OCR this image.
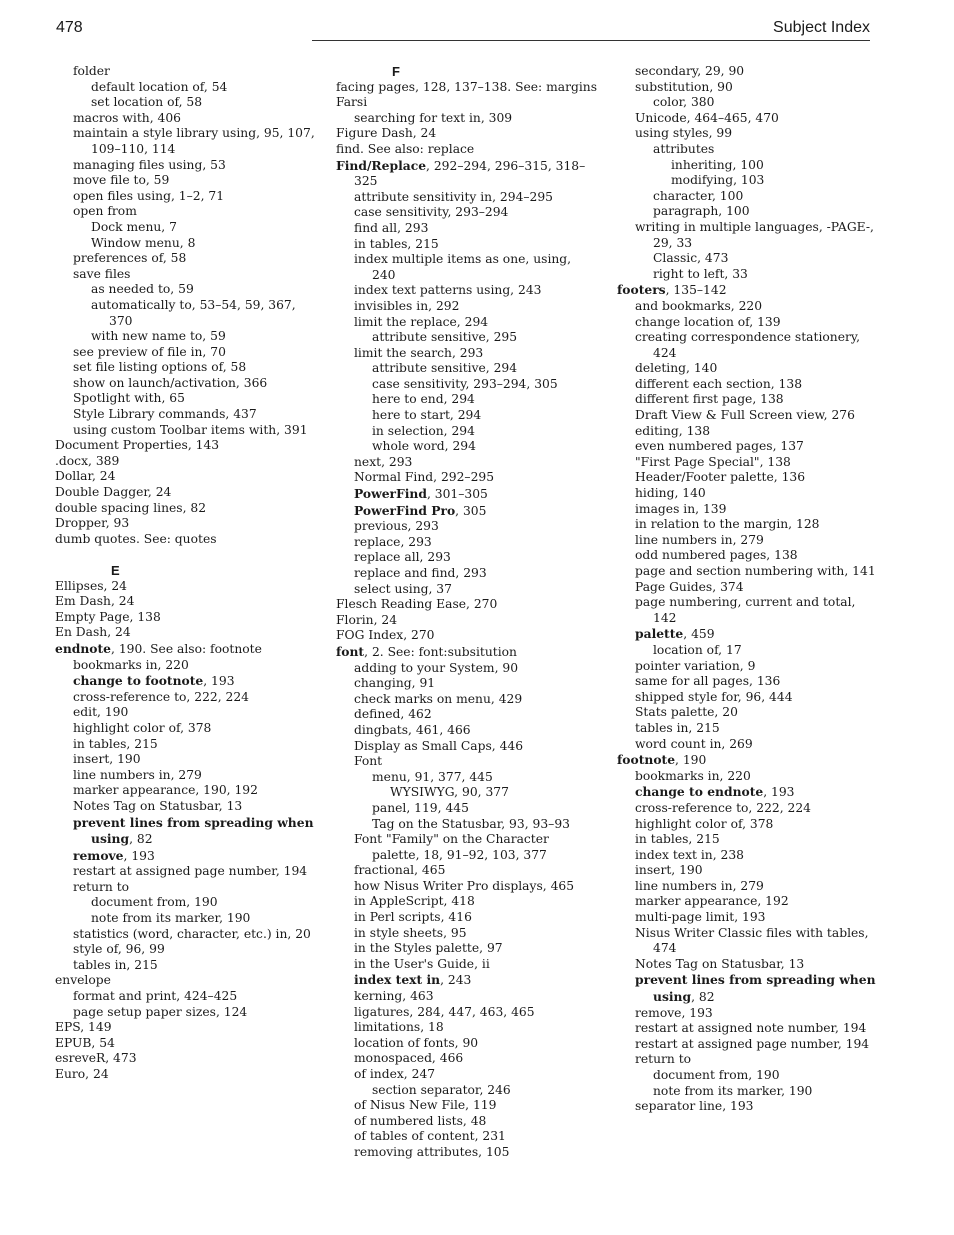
478	Subject Index
folder
default location of, 54
set location of, 58
macros with, 406
maintain a style library using, 95, 107, 109–110, 114
managing files using, 53
move file to, 59
open files using, 1–2, 71
open from
Dock menu, 7
Window menu, 8
preferences of, 58
save files
as needed to, 59
automatically to, 53–54, 59, 367, 370
with new name to, 59
see preview of file in, 70
set file listing options of, 58
show on launch/activation, 366
Spotlight with, 65
Style Library commands, 437
using custom Toolbar items with, 391
Document Properties, 143
.docx, 389
Dollar, 24
Double Dagger, 24
double spacing lines, 82
Dropper, 93
dumb quotes. See: quotes
E
Ellipses, 24
Em Dash, 24
Empty Page, 138
En Dash, 24
endnote, 190. See also: footnote
bookmarks in, 220
change to footnote, 193
cross-reference to, 222, 224
edit, 190
highlight color of, 378
in tables, 215
insert, 190
line numbers in, 279
marker appearance, 190, 192
Notes Tag on Statusbar, 13
prevent lines from spreading when using, 82
remove, 193
restart at assigned page number, 194
return to
document from, 190
note from its marker, 190
statistics (word, character, etc.) in, 20
style of, 96, 99
tables in, 215
envelope
format and print, 424–425
page setup paper sizes, 124
EPS, 149
EPUB, 54
esreveR, 473
Euro, 24
F
facing pages, 128, 137–138. See: margins
Farsi
searching for text in, 309
Figure Dash, 24
find. See also: replace
Find/Replace, 292–294, 296–315, 318–325
attribute sensitivity in, 294–295
case sensitivity, 293–294
find all, 293
in tables, 215
index multiple items as one, using, 240
index text patterns using, 243
invisibles in, 292
limit the replace, 294
attribute sensitive, 295
limit the search, 293
attribute sensitive, 294
case sensitivity, 293–294, 305
here to end, 294
here to start, 294
in selection, 294
whole word, 294
next, 293
Normal Find, 292–295
PowerFind, 301–305
PowerFind Pro, 305
previous, 293
replace, 293
replace all, 293
replace and find, 293
select using, 37
Flesch Reading Ease, 270
Florin, 24
FOG Index, 270
font, 2. See: font:subsitution
adding to your System, 90
changing, 91
check marks on menu, 429
defined, 462
dingbats, 461, 466
Display as Small Caps, 446
Font
menu, 91, 377, 445
WYSIWYG, 90, 377
panel, 119, 445
Tag on the Statusbar, 93, 93–93
Font "Family" on the Character palette, 18, 91–92, 103, 377
fractional, 465
how Nisus Writer Pro displays, 465
in AppleScript, 418
in Perl scripts, 416
in style sheets, 95
in the Styles palette, 97
in the User's Guide, ii
index text in, 243
kerning, 463
ligatures, 284, 447, 463, 465
limitations, 18
location of fonts, 90
monospaced, 466
of index, 247
section separator, 246
of Nisus New File, 119
of numbered lists, 48
of tables of content, 231
removing attributes, 105
secondary, 29, 90
substitution, 90
color, 380
Unicode, 464–465, 470
using styles, 99
attributes
inheriting, 100
modifying, 103
character, 100
paragraph, 100
writing in multiple languages, -PAGE-, 29, 33
Classic, 473
right to left, 33
footers, 135–142
and bookmarks, 220
change location of, 139
creating correspondence stationery, 424
deleting, 140
different each section, 138
different first page, 138
Draft View & Full Screen view, 276
editing, 138
even numbered pages, 137
"First Page Special", 138
Header/Footer palette, 136
hiding, 140
images in, 139
in relation to the margin, 128
line numbers in, 279
odd numbered pages, 138
page and section numbering with, 141
Page Guides, 374
page numbering, current and total, 142
palette, 459
location of, 17
pointer variation, 9
same for all pages, 136
shipped style for, 96, 444
Stats palette, 20
tables in, 215
word count in, 269
footnote, 190
bookmarks in, 220
change to endnote, 193
cross-reference to, 222, 224
highlight color of, 378
in tables, 215
index text in, 238
insert, 190
line numbers in, 279
marker appearance, 192
multi-page limit, 193
Nisus Writer Classic files with tables, 474
Notes Tag on Statusbar, 13
prevent lines from spreading when using, 82
remove, 193
restart at assigned note number, 194
restart at assigned page number, 194
return to
document from, 190
note from its marker, 190
separator line, 193
